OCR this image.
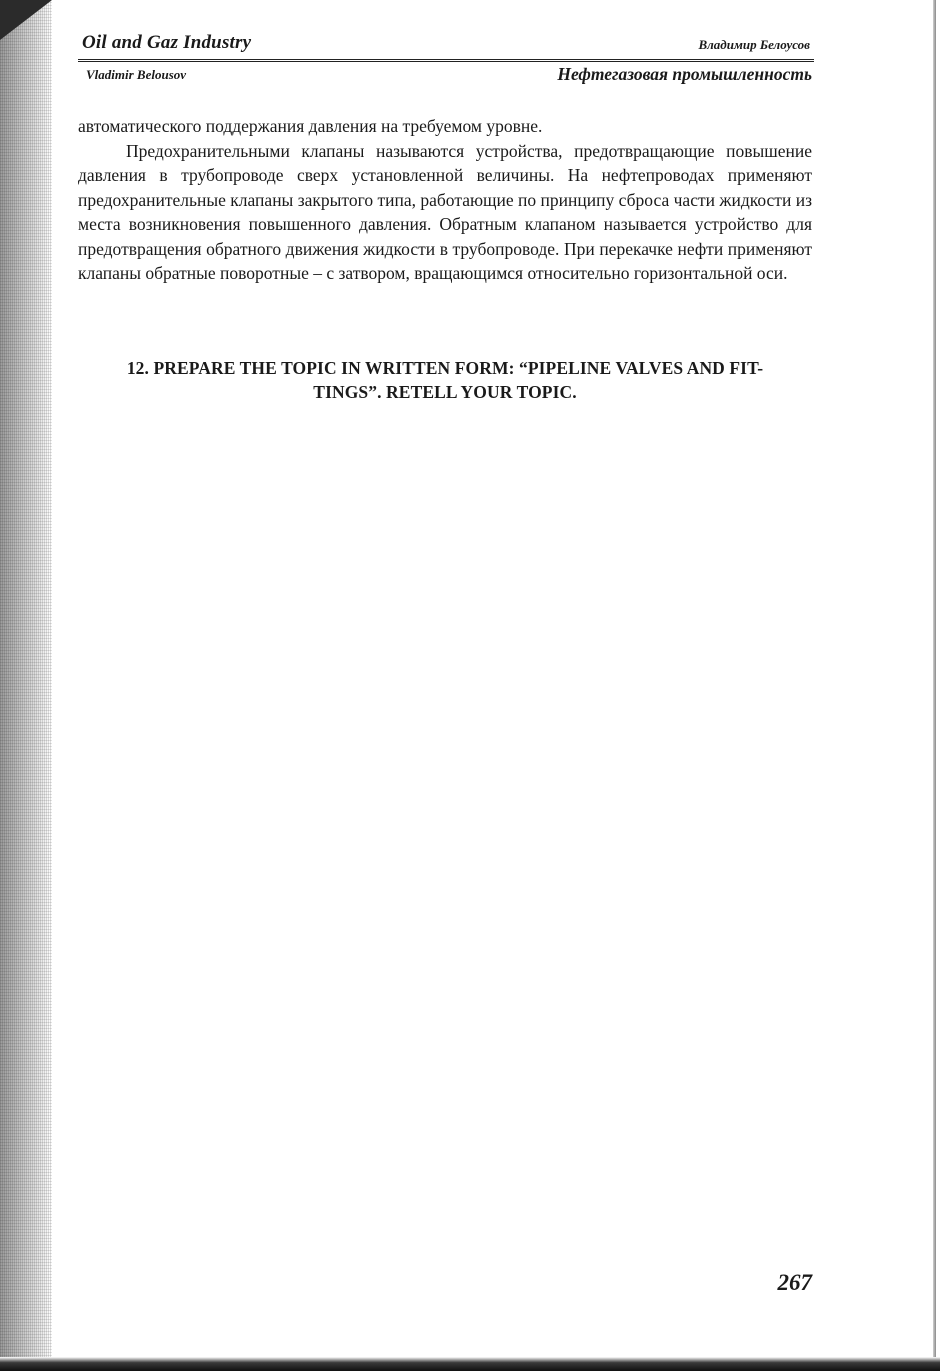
Oil and Gaz Industry	Владимир Белоусов
Vladimir Belousov	Нефтегазовая промышленность

автоматического поддержания давления на требуемом уровне.

Предохранительными клапаны называются устройства, предотвращающие повышение давления в трубопроводе сверх установленной величины. На нефтепроводах применяют предохранительные клапаны закрытого типа, работающие по принципу сброса части жидкости из места возникновения повышенного давления. Обратным клапаном называется устройство для предотвращения обратного движения жидкости в трубопроводе. При перекачке нефти применяют клапаны обратные поворотные – с затвором, вращающимся относительно горизонтальной оси.

12. PREPARE THE TOPIC IN WRITTEN FORM: “PIPELINE VALVES AND FIT-
TINGS”. RETELL YOUR TOPIC.
267
